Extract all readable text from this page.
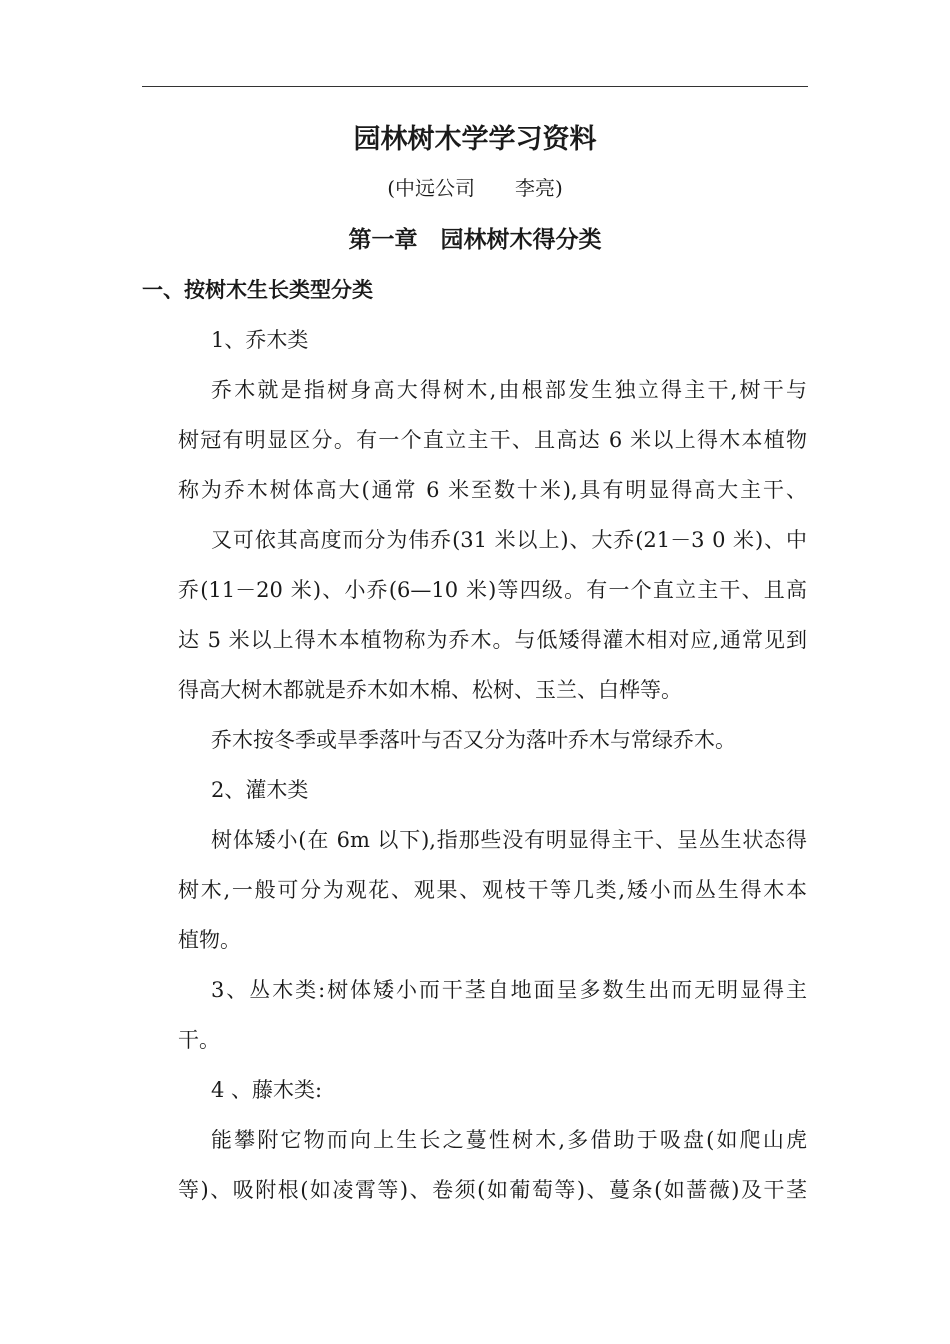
园林树木学学习资料
(中远公司　　李亮)
第一章　园林树木得分类
一、按树木生长类型分类
1、乔木类
乔木就是指树身高大得树木,由根部发生独立得主干,树干与
树冠有明显区分。有一个直立主干、且高达 6 米以上得木本植物
称为乔木树体高大(通常 6 米至数十米),具有明显得高大主干、
又可依其高度而分为伟乔(31 米以上)、大乔(21－3 0 米)、中
乔(11－20 米)、小乔(6—10 米)等四级。有一个直立主干、且高
达 5 米以上得木本植物称为乔木。与低矮得灌木相对应,通常见到
得高大树木都就是乔木如木棉、松树、玉兰、白桦等。
乔木按冬季或旱季落叶与否又分为落叶乔木与常绿乔木。
2、灌木类
树体矮小(在 6m 以下),指那些没有明显得主干、呈丛生状态得
树木,一般可分为观花、观果、观枝干等几类,矮小而丛生得木本
植物。
3、丛木类:树体矮小而干茎自地面呈多数生出而无明显得主
干。
4 、藤木类:
能攀附它物而向上生长之蔓性树木,多借助于吸盘(如爬山虎
等)、吸附根(如凌霄等)、卷须(如葡萄等)、蔓条(如蔷薇)及干茎
